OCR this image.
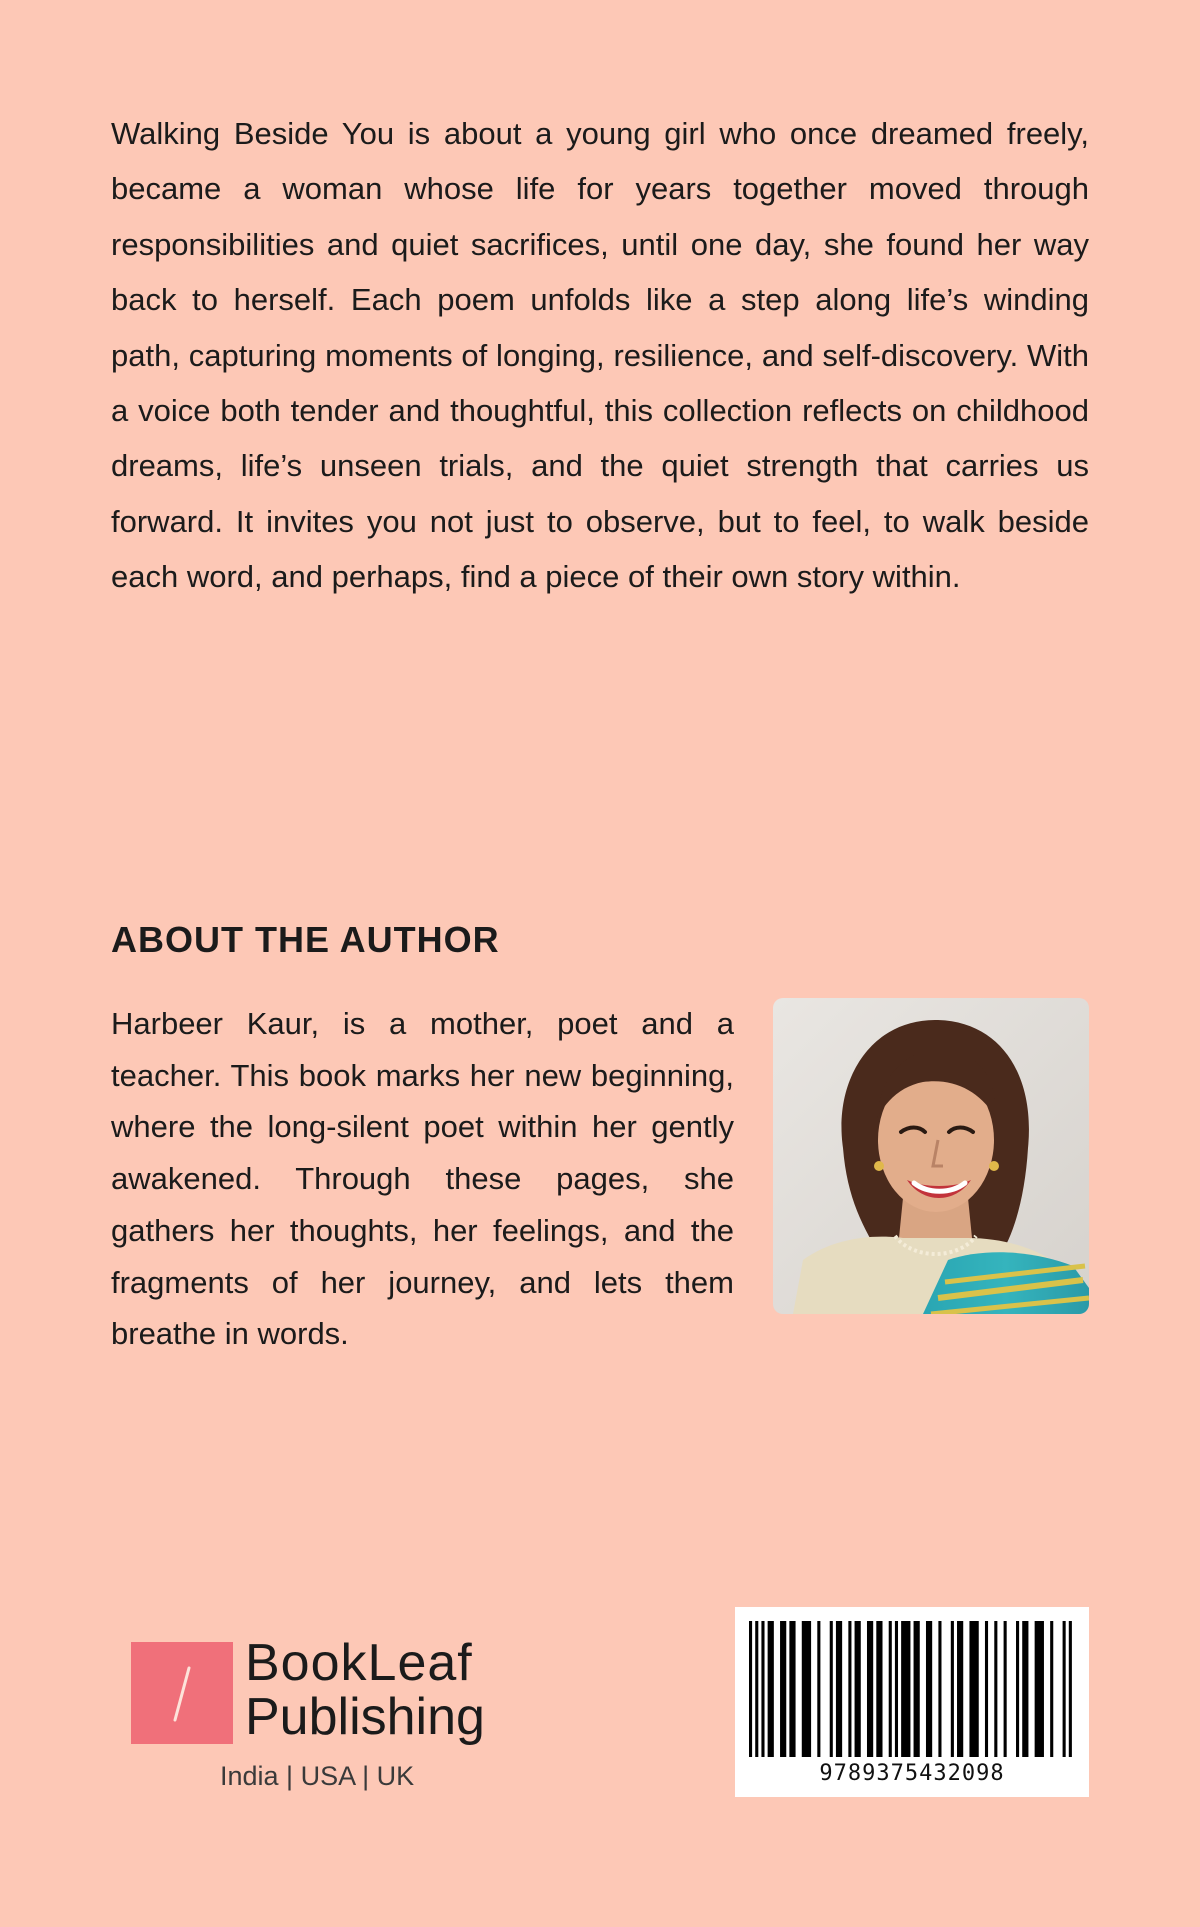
Walking Beside You is about a young girl who once dreamed freely, became a woman whose life for years together moved through responsibilities and quiet sacrifices, until one day, she found her way back to herself. Each poem unfolds like a step along life’s winding path, capturing moments of longing, resilience, and self-discovery. With a voice both tender and thoughtful, this collection reflects on childhood dreams, life’s unseen trials, and the quiet strength that carries us forward. It invites you not just to observe, but to feel, to walk beside each word, and perhaps, find a piece of their own story within.

ABOUT THE AUTHOR

Harbeer Kaur, is a mother, poet and a teacher. This book marks her new beginning, where the long-silent poet within her gently awakened. Through these pages, she gathers her thoughts, her feelings, and the fragments of her journey, and lets them breathe in words.

BookLeaf
Publishing
India | USA | UK	9789375432098
